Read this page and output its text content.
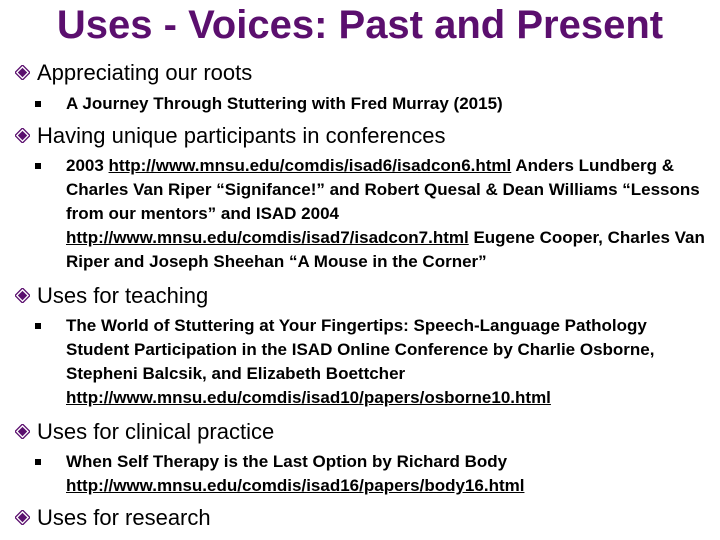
Uses - Voices: Past and Present
Appreciating our roots
A Journey Through Stuttering with Fred Murray (2015)
Having unique participants in conferences
2003 http://www.mnsu.edu/comdis/isad6/isadcon6.html Anders Lundberg & Charles Van Riper “Signifance!” and Robert Quesal & Dean Williams “Lessons from our mentors” and ISAD 2004 http://www.mnsu.edu/comdis/isad7/isadcon7.html Eugene Cooper, Charles Van Riper and Joseph Sheehan “A Mouse in the Corner”
Uses for teaching
The World of Stuttering at Your Fingertips: Speech-Language Pathology Student Participation in the ISAD Online Conference by Charlie Osborne, Stepheni Balcsik, and Elizabeth Boettcher http://www.mnsu.edu/comdis/isad10/papers/osborne10.html
Uses for clinical practice
When Self Therapy is the Last Option by Richard Body http://www.mnsu.edu/comdis/isad16/papers/body16.html
Uses for research
